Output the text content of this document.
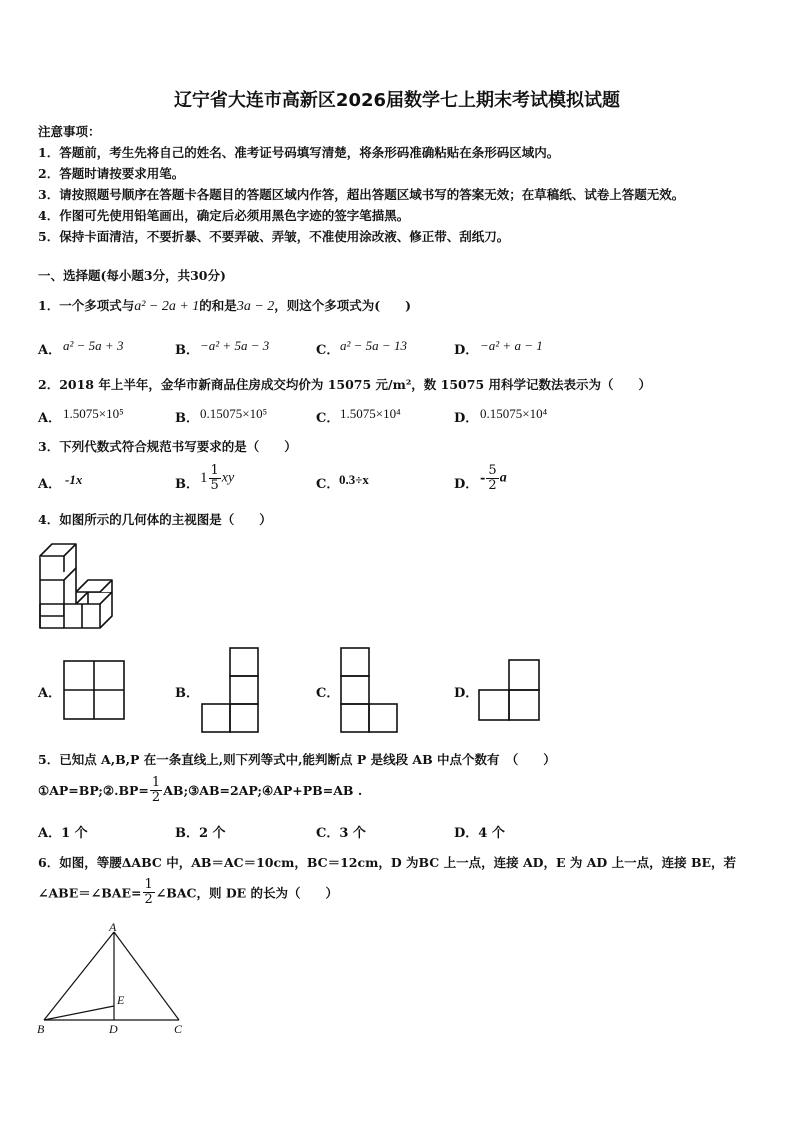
辽宁省大连市高新区2026届数学七上期末考试模拟试题
注意事项：
1．答题前，考生先将自己的姓名、准考证号码填写清楚，将条形码准确粘贴在条形码区域内。
2．答题时请按要求用笔。
3．请按照题号顺序在答题卡各题目的答题区域内作答，超出答题区域书写的答案无效；在草稿纸、试卷上答题无效。
4．作图可先使用铅笔画出，确定后必须用黑色字迹的签字笔描黑。
5．保持卡面清洁，不要折暴、不要弄破、弄皱，不准使用涂改液、修正带、刮纸刀。
一、选择题(每小题3分，共30分)
1．一个多项式与a² − 2a + 1的和是3a − 2，则这个多项式为(　　)
A． a² − 5a + 3	B． −a² + 5a − 3	C． a² − 5a − 13	D． −a² + a − 1
2．2018 年上半年，金华市新商品住房成交均价为 15075 元/m²，数 15075 用科学记数法表示为（　　）
A． 1.5075×10⁵	B． 0.15075×10⁵	C． 1.5075×10⁴	D． 0.15075×10⁴
3．下列代数式符合规范书写要求的是（　　）
A． -1x	B． $1 \frac{1}{5}$ xy	C． 0.3÷x	D． - $\frac{5}{2}$ a
4．如图所示的几何体的主视图是（　　）
A．	B．	C．	D．
5．已知点 A,B,P 在一条直线上,则下列等式中,能判断点 P 是线段 AB 中点个数有　（　　）
①AP=BP;②.BP= $\frac{1}{2}$ AB;③AB=2AP;④AP+PB=AB .
A．1 个	B．2 个	C．3 个	D．4 个
6．如图，等腰ΔABC 中，AB＝AC＝10cm，BC＝12cm，D 为BC 上一点，连接 AD，E 为 AD 上一点，连接 BE，若
∠ABE＝∠BAE= $\frac{1}{2}$ ∠BAC，则 DE 的长为（　　）
A
E
B	D	C
